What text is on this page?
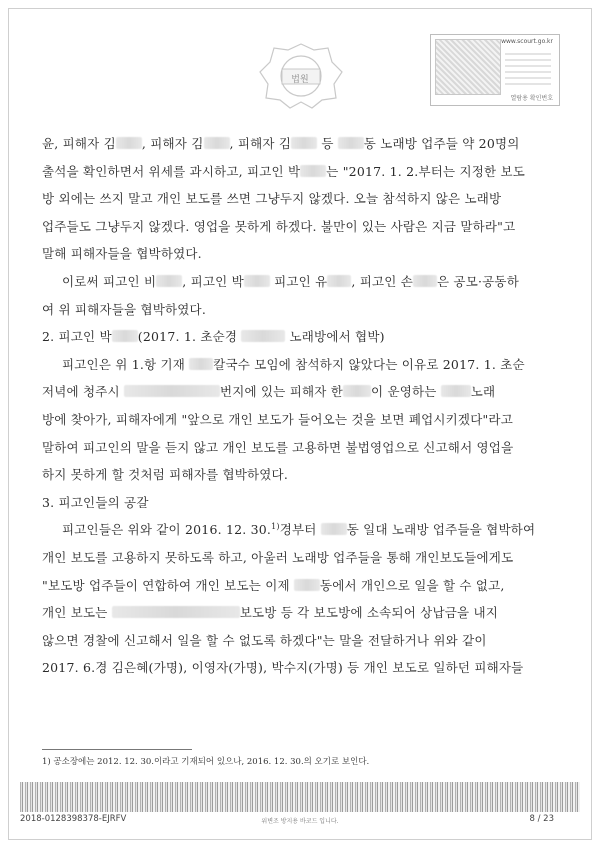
법원
www.scourt.go.kr
열람용 확인번호
윤, 피해자 김 , 피해자 김 , 피해자 김 등 동 노래방 업주들 약 20명의
출석을 확인하면서 위세를 과시하고, 피고인 박 는 "2017. 1. 2.부터는 지정한 보도
방 외에는 쓰지 말고 개인 보도를 쓰면 그냥두지 않겠다. 오늘 참석하지 않은 노래방
업주들도 그냥두지 않겠다. 영업을 못하게 하겠다. 불만이 있는 사람은 지금 말하라"고
말해 피해자들을 협박하였다.
이로써 피고인 비 , 피고인 박 피고인 유 , 피고인 손 은 공모·공동하
여 위 피해자들을 협박하였다.
2. 피고인 박 (2017. 1. 초순경	노래방에서 협박)
피고인은 위 1.항 기재 칼국수 모임에 참석하지 않았다는 이유로 2017. 1. 초순
저녁에 청주시	번지에 있는 피해자 한 이 운영하는 노래
방에 찾아가, 피해자에게 "앞으로 개인 보도가 들어오는 것을 보면 폐업시키겠다"라고
말하여 피고인의 말을 듣지 않고 개인 보도를 고용하면 불법영업으로 신고해서 영업을
하지 못하게 할 것처럼 피해자를 협박하였다.
3. 피고인들의 공갈
피고인들은 위와 같이 2016. 12. 30.$^{1)}$경부터 동 일대 노래방 업주들을 협박하여
개인 보도를 고용하지 못하도록 하고, 아울러 노래방 업주들을 통해 개인보도들에게도
"보도방 업주들이 연합하여 개인 보도는 이제 동에서 개인으로 일을 할 수 없고,
개인 보도는	보도방 등 각 보도방에 소속되어 상납금을 내지
않으면 경찰에 신고해서 일을 할 수 없도록 하겠다"는 말을 전달하거나 위와 같이
2017. 6.경 김은혜(가명), 이영자(가명), 박수지(가명) 등 개인 보도로 일하던 피해자들
1) 공소장에는 2012. 12. 30.이라고 기재되어 있으나, 2016. 12. 30.의 오기로 보인다.
2018-0128398378-EJRFV	위변조 방지용 바코드 입니다.	8 / 23
